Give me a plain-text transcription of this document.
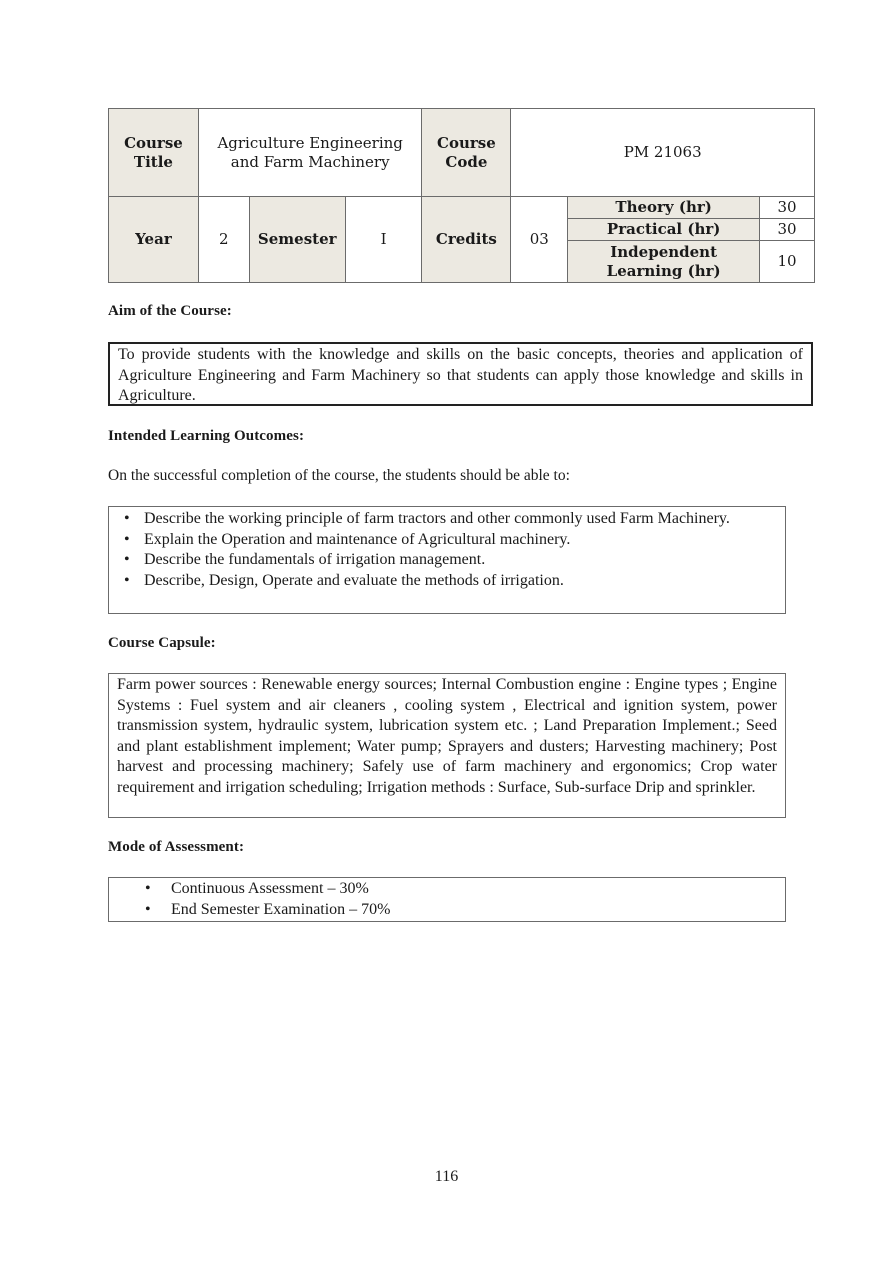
Course Title	Agriculture Engineering and Farm Machinery			Course Code	PM 21063		
Year	2	Semester	I	Credits	03	Theory (hr)	30
						Practical (hr)	30
						Independent Learning (hr)	10
Aim of the Course:
To provide students with the knowledge and skills on the basic concepts, theories and application of Agriculture Engineering and Farm Machinery so that students can apply those knowledge and skills in Agriculture.
Intended Learning Outcomes:
On the successful completion of the course, the students should be able to:
• Describe the working principle of farm tractors and other commonly used Farm Machinery.
• Explain the Operation and maintenance of Agricultural machinery.
• Describe the fundamentals of irrigation management.
• Describe, Design, Operate and evaluate the methods of irrigation.
Course Capsule:
Farm power sources : Renewable energy sources; Internal Combustion engine : Engine types ; Engine Systems : Fuel system and air cleaners , cooling system , Electrical and ignition system, power transmission system, hydraulic system, lubrication system etc. ; Land Preparation Implement.; Seed and plant establishment implement; Water pump; Sprayers and dusters; Harvesting machinery; Post harvest and processing machinery; Safely use of farm machinery and ergonomics; Crop water requirement and irrigation scheduling; Irrigation methods : Surface, Sub-surface Drip and sprinkler.
Mode of Assessment:
• Continuous Assessment – 30%
• End Semester Examination – 70%
116
